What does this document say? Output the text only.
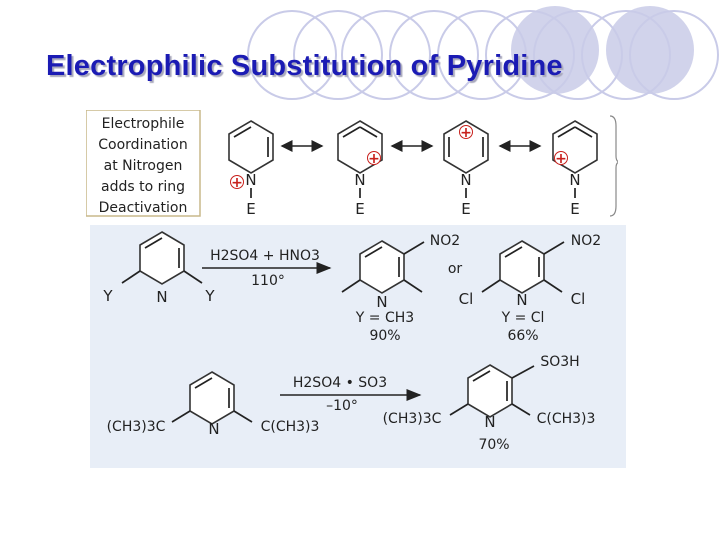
Electrophilic Substitution of Pyridine
Electrophile
Coordination
at Nitrogen
adds to ring
Deactivation
N
E
+	N
E
+
N
E
+
N
E
+
Y	N	Y
H2SO4 + HNO3
110°
NO2
N
Y = CH3
90%
or
NO2
Cl	N	Cl
Y = Cl
66%
(CH3)3C	N	C(CH3)3
H2SO4 • SO3
–10°
SO3H
(CH3)3C	N	C(CH3)3
70%
